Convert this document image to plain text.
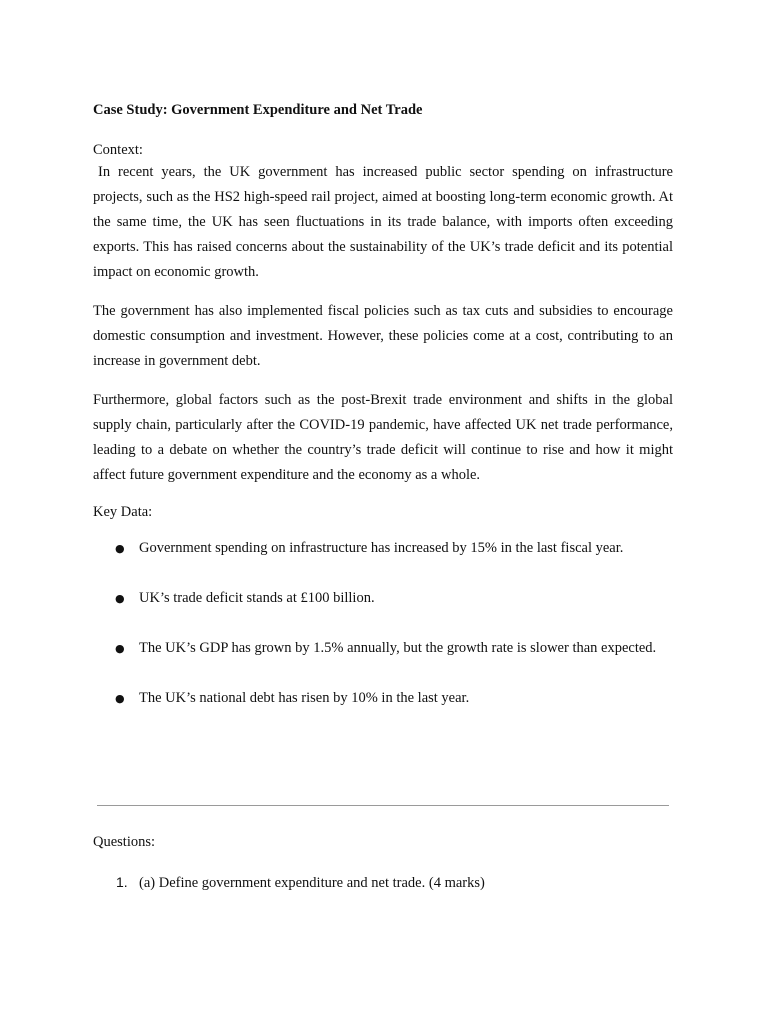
Case Study: Government Expenditure and Net Trade

Context:

In recent years, the UK government has increased public sector spending on infrastructure projects, such as the HS2 high-speed rail project, aimed at boosting long-term economic growth. At the same time, the UK has seen fluctuations in its trade balance, with imports often exceeding exports. This has raised concerns about the sustainability of the UK’s trade deficit and its potential impact on economic growth.

The government has also implemented fiscal policies such as tax cuts and subsidies to encourage domestic consumption and investment. However, these policies come at a cost, contributing to an increase in government debt.

Furthermore, global factors such as the post-Brexit trade environment and shifts in the global supply chain, particularly after the COVID-19 pandemic, have affected UK net trade performance, leading to a debate on whether the country’s trade deficit will continue to rise and how it might affect future government expenditure and the economy as a whole.

Key Data:

● Government spending on infrastructure has increased by 15% in the last fiscal year.
● UK’s trade deficit stands at £100 billion.
● The UK’s GDP has grown by 1.5% annually, but the growth rate is slower than expected.
● The UK’s national debt has risen by 10% in the last year.
Questions:
1. (a) Define government expenditure and net trade. (4 marks)
